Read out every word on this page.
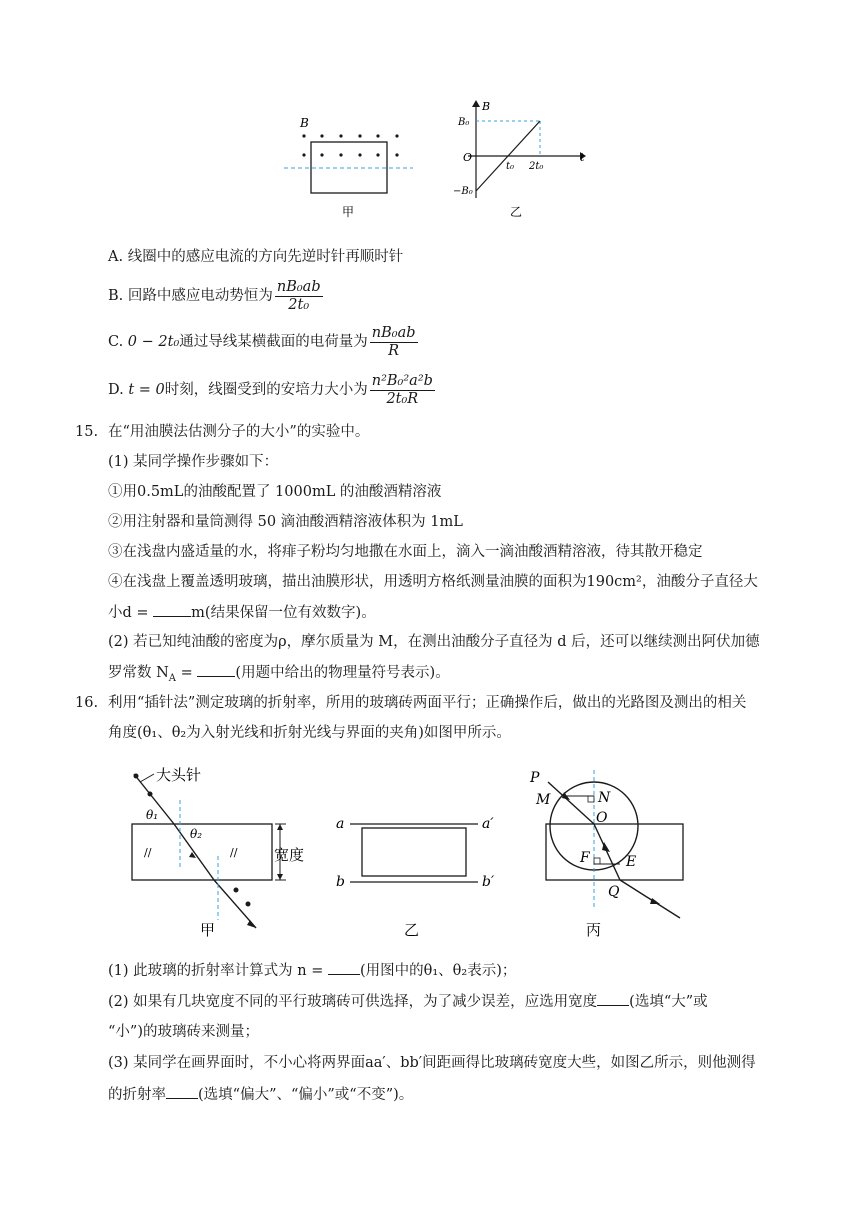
B
甲
B
t
B₀
−B₀
O
t₀ 2t₀
乙
A. 线圈中的感应电流的方向先逆时针再顺时针
B. 回路中感应电动势恒为 $\frac{\text{nB₀ab}}{\text{2t₀}}$
C. 0 − 2t₀通过导线某横截面的电荷量为 $\frac{\text{nB₀ab}}{R}$
D. t = 0时刻，线圈受到的安培力大小为 $\frac{\text{n²B₀²a²b}}{\text{2t₀R}}$
15. 在“用油膜法估测分子的大小”的实验中。
(1) 某同学操作步骤如下：
①用0.5mL的油酸配置了 1000mL 的油酸酒精溶液
②用注射器和量筒测得 50 滴油酸酒精溶液体积为 1mL
③在浅盘内盛适量的水，将痱子粉均匀地撒在水面上，滴入一滴油酸酒精溶液，待其散开稳定
④在浅盘上覆盖透明玻璃，描出油膜形状，用透明方格纸测量油膜的面积为190cm²，油酸分子直径大
小d =	m(结果保留一位有效数字)。
(2) 若已知纯油酸的密度为ρ，摩尔质量为 M，在测出油酸分子直径为 d 后，还可以继续测出阿伏加德
罗常数 $N_A$ =	(用题中给出的物理量符号表示)。
16. 利用“插针法”测定玻璃的折射率，所用的玻璃砖两面平行；正确操作后，做出的光路图及测出的相关
角度(θ₁、θ₂为入射光线和折射光线与界面的夹角)如图甲所示。
大头针
θ₁
θ₂
//	// 宽度
甲
a	a′
b	b′
乙
P
M	N
O
F	E
Q
丙
(1) 此玻璃的折射率计算式为 n =	(用图中的θ₁、θ₂表示)；
(2) 如果有几块宽度不同的平行玻璃砖可供选择，为了减少误差，应选用宽度 (选填“大”或
“小”)的玻璃砖来测量；
(3) 某同学在画界面时，不小心将两界面aa′、bb′间距画得比玻璃砖宽度大些，如图乙所示，则他测得
的折射率 (选填“偏大”、“偏小”或“不变”)。
